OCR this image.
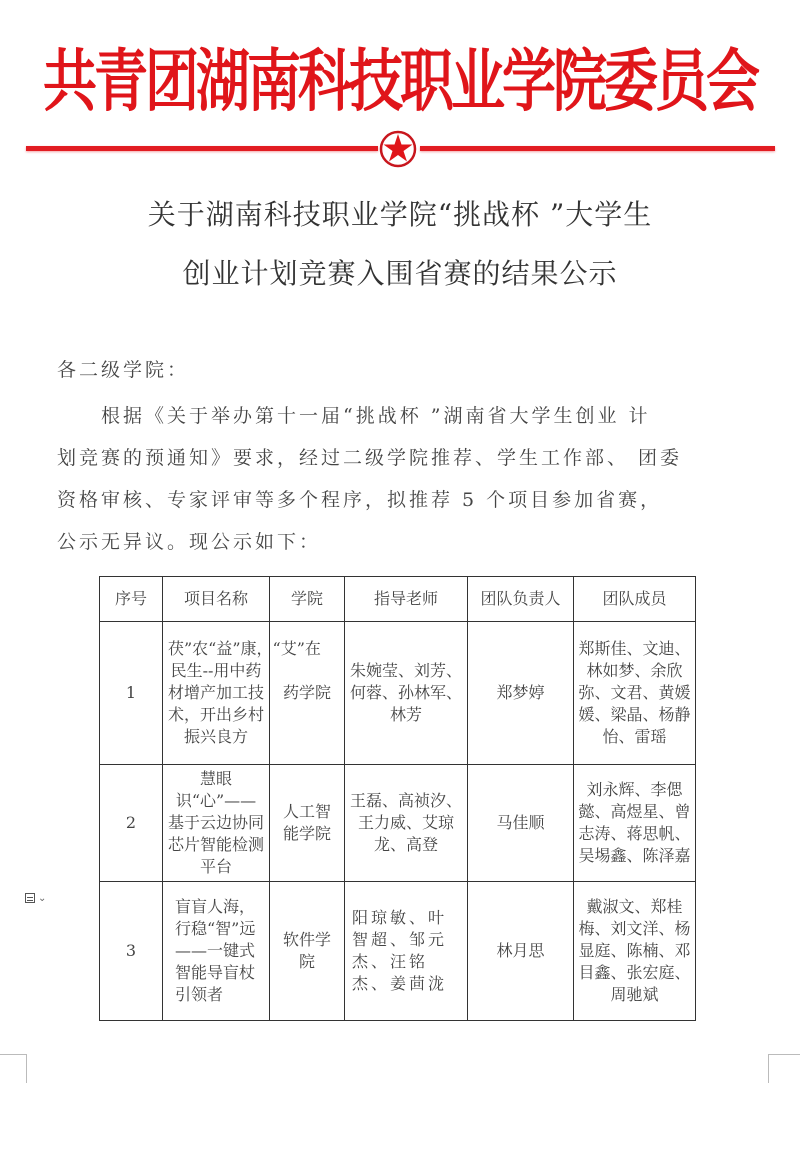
共青团湖南科技职业学院委员会
关于湖南科技职业学院“挑战杯 ”大学生
创业计划竞赛入围省赛的结果公示
各二级学院：
　　根据《关于举办第十一届“挑战杯 ”湖南省大学生创业 计
划竞赛的预通知》要求，经过二级学院推荐、学生工作部、 团委
资格审核、专家评审等多个程序，拟推荐 5 个项目参加省赛，
公示无异议。现公示如下：
序号	项目名称	学院	指导老师	团队负责人	团队成员
1	茯”农“益”康，“艾”在民生--用中药材增产加工技术，开出乡村振兴良方	药学院	朱婉莹、刘芳、何蓉、孙林军、林芳	郑梦婷	郑斯佳、文迪、林如梦、余欣弥、文君、黄媛媛、梁晶、杨静怡、雷瑶
2	慧眼识“心”——基于云边协同芯片智能检测平台	人工智能学院	王磊、高祯汐、王力威、艾琼龙、高登	马佳顺	刘永辉、李偲懿、高煜星、曾志涛、蒋思帆、吴埸鑫、陈泽嘉
3	盲盲人海，行稳“智”远——一键式智能导盲杖引领者	软件学院	阳琼敏、叶智超、邹元杰、汪铭杰、姜茴泷	林月思	戴淑文、郑桂梅、刘文洋、杨显庭、陈楠、邓目鑫、张宏庭、周驰斌
⌄
